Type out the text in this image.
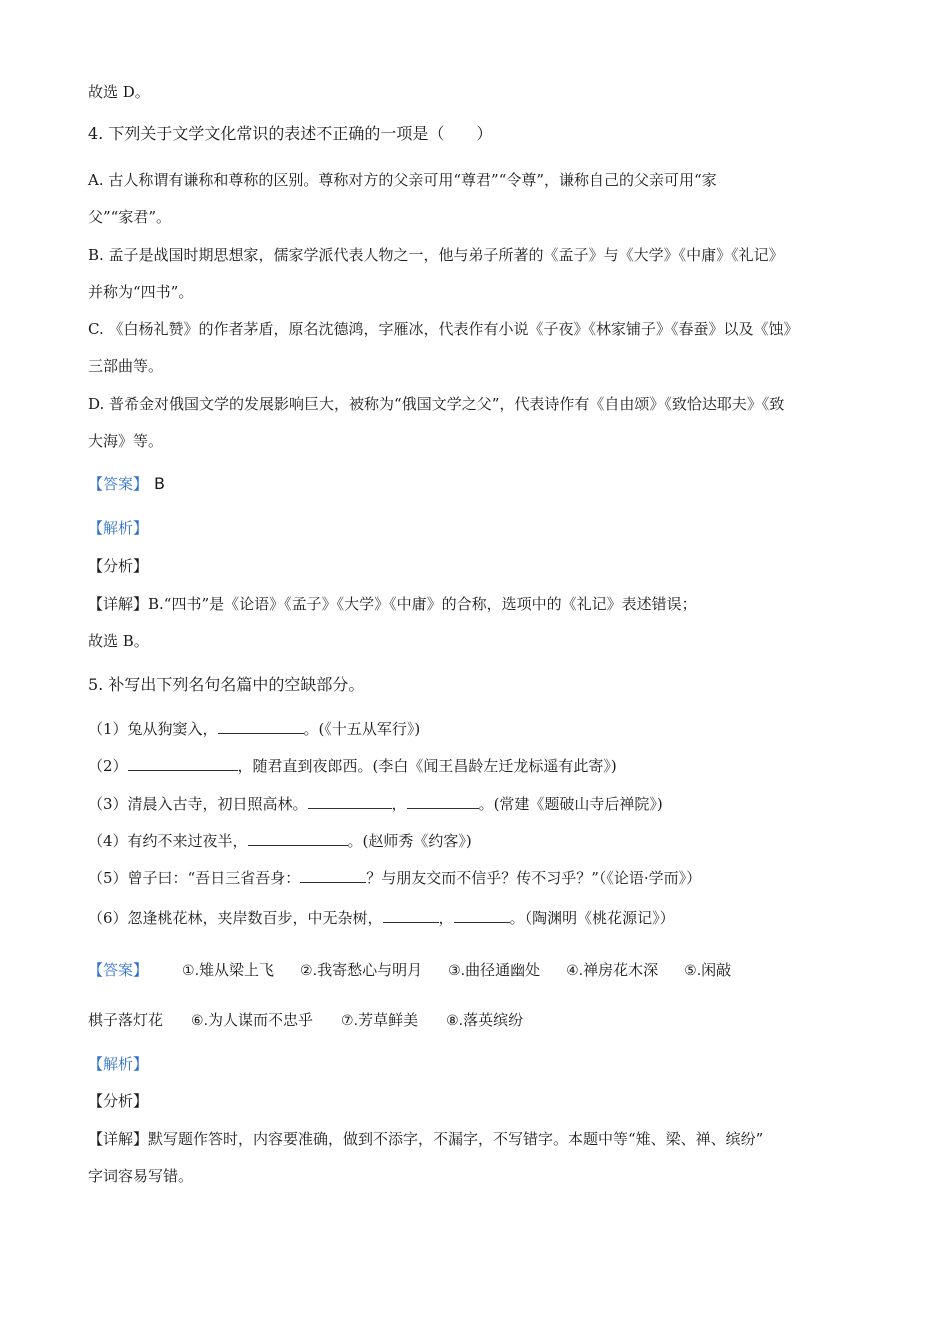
故选 D。
4. 下列关于文学文化常识的表述不正确的一项是（　　）
A. 古人称谓有谦称和尊称的区别。尊称对方的父亲可用“尊君”“令尊”，谦称自己的父亲可用“家
父”“家君”。
B. 孟子是战国时期思想家，儒家学派代表人物之一，他与弟子所著的《孟子》与《大学》《中庸》《礼记》
并称为“四书”。
C. 《白杨礼赞》的作者茅盾，原名沈德鸿，字雁冰，代表作有小说《子夜》《林家铺子》《春蚕》以及《蚀》
三部曲等。
D. 普希金对俄国文学的发展影响巨大，被称为“俄国文学之父”，代表诗作有《自由颂》《致恰达耶夫》《致
大海》等。
【答案】 B
【解析】
【分析】
【详解】B.“四书”是《论语》《孟子》《大学》《中庸》的合称，选项中的《礼记》表述错误；
故选 B。
5. 补写出下列名句名篇中的空缺部分。
（1）兔从狗窦入，	。(《十五从军行》)
（2）	，随君直到夜郎西。(李白《闻王昌龄左迁龙标遥有此寄》)
（3）清晨入古寺，初日照高林。	，	。(常建《题破山寺后禅院》)
（4）有约不来过夜半，	。(赵师秀《约客》)
（5）曾子曰：“吾日三省吾身：	？与朋友交而不信乎？传不习乎？”（《论语·学而》）
（6）忽逢桃花林，夹岸数百步，中无杂树，	，	。（陶渊明《桃花源记》）
【答案】 ①.雉从梁上飞 ②.我寄愁心与明月 ③.曲径通幽处 ④.禅房花木深 ⑤.闲敲
棋子落灯花 ⑥.为人谋而不忠乎 ⑦.芳草鲜美 ⑧.落英缤纷
【解析】
【分析】
【详解】默写题作答时，内容要准确，做到不添字，不漏字，不写错字。本题中等“雉、梁、禅、缤纷”
字词容易写错。
